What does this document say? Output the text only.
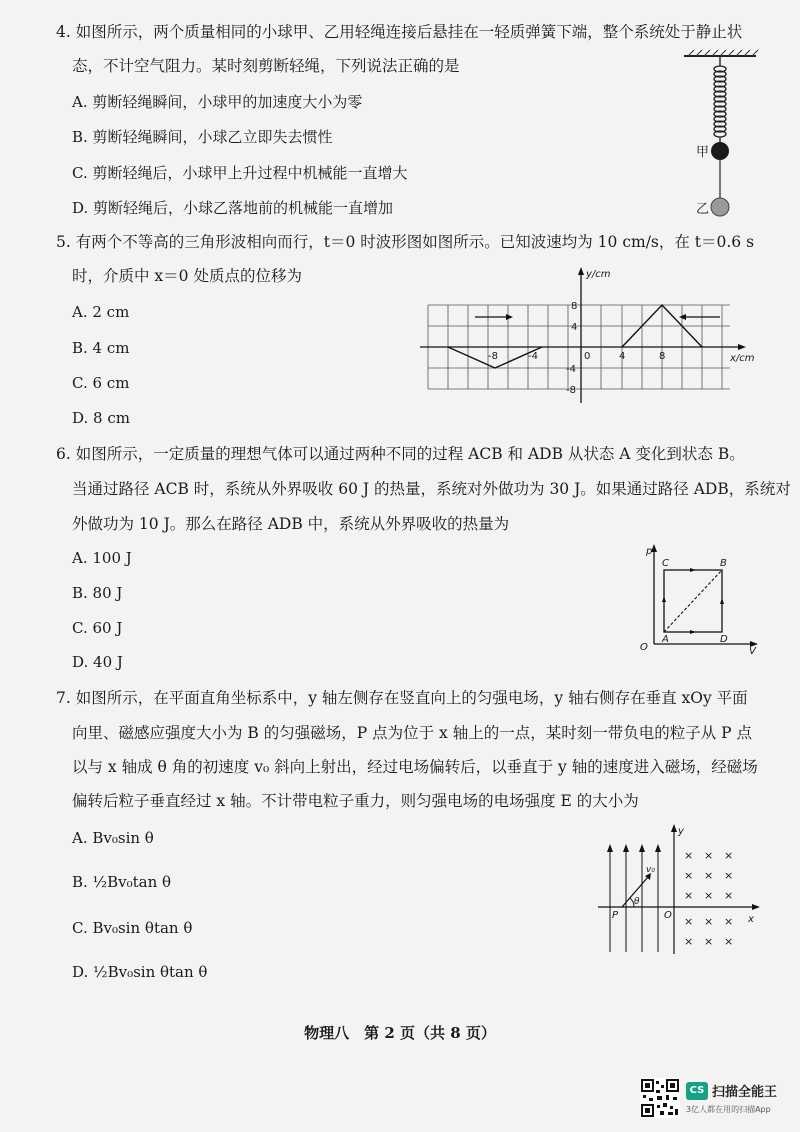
4. 如图所示，两个质量相同的小球甲、乙用轻绳连接后悬挂在一轻质弹簧下端，整个系统处于静止状
态，不计空气阻力。某时刻剪断轻绳，下列说法正确的是
A. 剪断轻绳瞬间，小球甲的加速度大小为零
B. 剪断轻绳瞬间，小球乙立即失去惯性
C. 剪断轻绳后，小球甲上升过程中机械能一直增大
D. 剪断轻绳后，小球乙落地前的机械能一直增加
甲
乙
5. 有两个不等高的三角形波相向而行，t＝0 时波形图如图所示。已知波速均为 10 cm/s，在 t＝0.6 s
时，介质中 x＝0 处质点的位移为
A. 2 cm
B. 4 cm
C. 6 cm
D. 8 cm
y/cm
x/cm
8
4
-4
-8
-8	-4	0	4	8
6. 如图所示，一定质量的理想气体可以通过两种不同的过程 ACB 和 ADB 从状态 A 变化到状态 B。
当通过路径 ACB 时，系统从外界吸收 60 J 的热量，系统对外做功为 30 J。如果通过路径 ADB，系统对
外做功为 10 J。那么在路径 ADB 中，系统从外界吸收的热量为
A. 100 J
B. 80 J
C. 60 J
D. 40 J
p
V
O
A	D
C	B
7. 如图所示，在平面直角坐标系中，y 轴左侧存在竖直向上的匀强电场，y 轴右侧存在垂直 xOy 平面
向里、磁感应强度大小为 B 的匀强磁场，P 点为位于 x 轴上的一点，某时刻一带负电的粒子从 P 点
以与 x 轴成 θ 角的初速度 v₀ 斜向上射出，经过电场偏转后，以垂直于 y 轴的速度进入磁场，经磁场
偏转后粒子垂直经过 x 轴。不计带电粒子重力，则匀强电场的电场强度 E 的大小为
A. Bv₀sin θ
B. ½Bv₀tan θ
C. Bv₀sin θtan θ
D. ½Bv₀sin θtan θ
× × ×
× × ×
× × ×
× × ×
× × ×
y
x
P	O
v₀
θ
物理八　第 2 页（共 8 页）
CS 扫描全能王
3亿人都在用的扫描App
